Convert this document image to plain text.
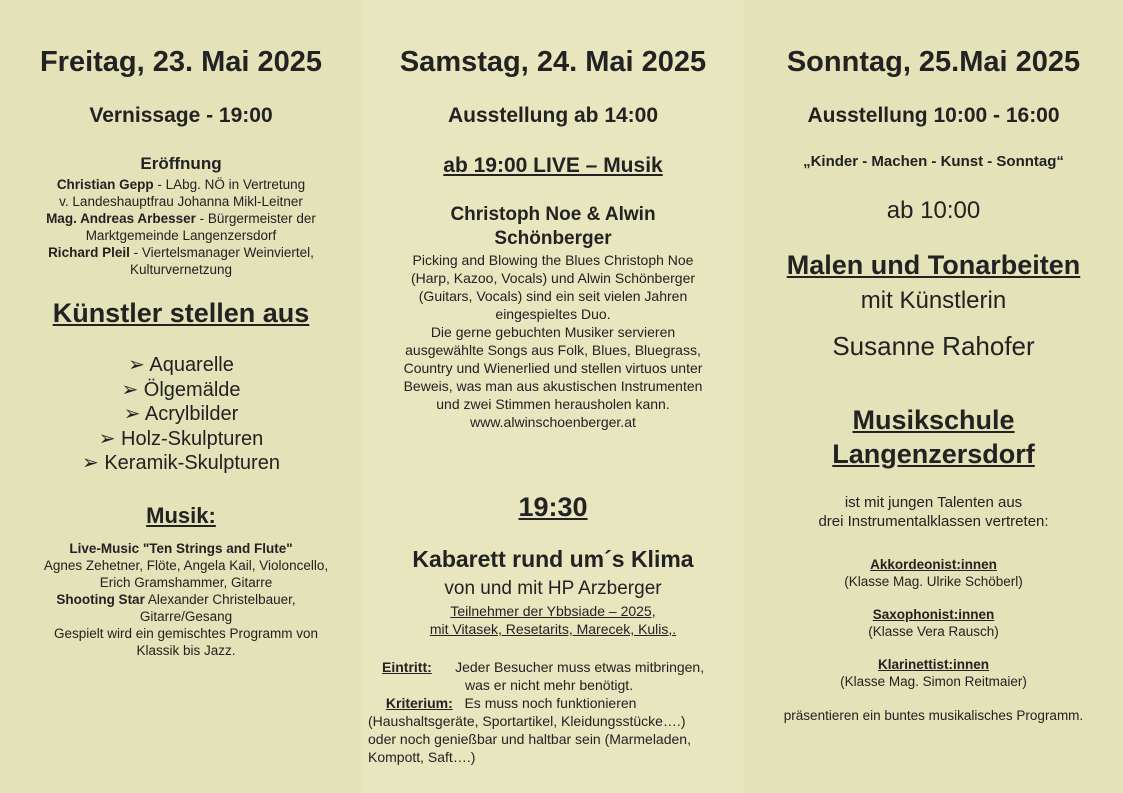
Freitag, 23. Mai 2025
Vernissage - 19:00
Eröffnung
Christian Gepp - LAbg. NÖ in Vertretung
v. Landeshauptfrau Johanna Mikl-Leitner
Mag. Andreas Arbesser - Bürgermeister der
Marktgemeinde Langenzersdorf
Richard Pleil - Viertelsmanager Weinviertel,
Kulturvernetzung
Künstler stellen aus
➢ Aquarelle
➢ Ölgemälde
➢ Acrylbilder
➢ Holz-Skulpturen
➢ Keramik-Skulpturen
Musik:
Live-Music "Ten Strings and Flute"
Agnes Zehetner, Flöte, Angela Kail, Violoncello,
Erich Gramshammer, Gitarre
Shooting Star Alexander Christelbauer,
Gitarre/Gesang
Gespielt wird ein gemischtes Programm von
Klassik bis Jazz.
Samstag, 24. Mai 2025
Ausstellung ab 14:00
ab 19:00 LIVE – Musik
Christoph Noe & Alwin
Schönberger
Picking and Blowing the Blues Christoph Noe
(Harp, Kazoo, Vocals) und Alwin Schönberger
(Guitars, Vocals) sind ein seit vielen Jahren
eingespieltes Duo.
Die gerne gebuchten Musiker servieren
ausgewählte Songs aus Folk, Blues, Bluegrass,
Country und Wienerlied und stellen virtuos unter
Beweis, was man aus akustischen Instrumenten
und zwei Stimmen herausholen kann.
www.alwinschoenberger.at
19:30
Kabarett rund um´s Klima
von und mit HP Arzberger
Teilnehmer der Ybbsiade – 2025,
mit Vitasek, Resetarits, Marecek, Kulis,.
Eintritt: Jeder Besucher muss etwas mitbringen,
was er nicht mehr benötigt.
Kriterium: Es muss noch funktionieren
(Haushaltsgeräte, Sportartikel, Kleidungsstücke….)
oder noch genießbar und haltbar sein (Marmeladen,
Kompott, Saft….)
Sonntag, 25.Mai 2025
Ausstellung 10:00 - 16:00
„Kinder - Machen - Kunst - Sonntag“
ab 10:00
Malen und Tonarbeiten
mit Künstlerin
Susanne Rahofer
Musikschule
Langenzersdorf
ist mit jungen Talenten aus
drei Instrumentalklassen vertreten:
Akkordeonist:innen
(Klasse Mag. Ulrike Schöberl)
Saxophonist:innen
(Klasse Vera Rausch)
Klarinettist:innen
(Klasse Mag. Simon Reitmaier)
präsentieren ein buntes musikalisches Programm.
